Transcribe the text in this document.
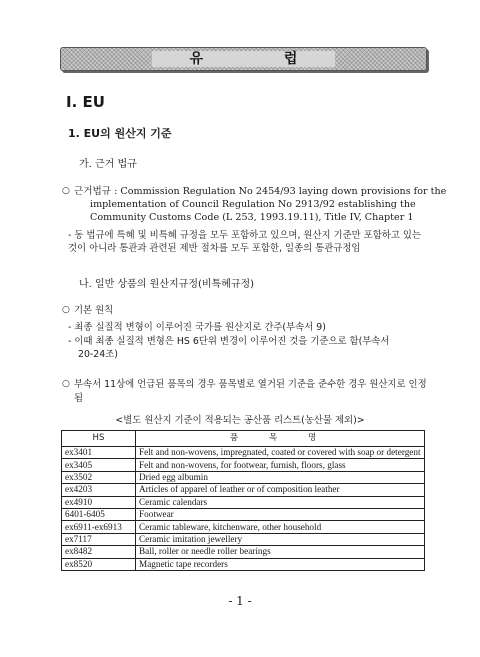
유 럽
Ⅰ. EU
1. EU의 원산지 기준
가. 근거 법규
○ 근거법규 : Commission Regulation No 2454/93 laying down provisions for the
implementation of Council Regulation No 2913/92 establishing the Community Customs Code (L 253, 1993.19.11), Title IV, Chapter 1
- 동 법규에 특혜 및 비특혜 규정을 모두 포함하고 있으며, 원산지 기준만 포함하고 있는 것이 아니라 통관과 관련된 제반 절차를 모두 포함한, 일종의 통관규정임
나. 일반 상품의 원산지규정(비특혜규정)
○ 기본 원칙
- 최종 실질적 변형이 이루어진 국가를 원산지로 간주(부속서 9)
- 이때 최종 실질적 변형은 HS 6단위 변경이 이루어진 것을 기준으로 함(부속서
20-24조)
○ 부속서 11상에 언급된 품목의 경우 품목별로 열거된 기준을 준수한 경우 원산지로 인정됨
<별도 원산지 기준이 적용되는 공산품 리스트(농산물 제외)>
HS	품 목 명
ex3401	Felt and non-wovens, impregnated, coated or covered with soap or detergent
ex3405	Felt and non-wovens, for footwear, furnish, floors, glass
ex3502	Dried egg albumin
ex4203	Articles of apparel of leather or of composition leather
ex4910	Ceramic calendars
6401-6405	Footwear
ex6911-ex6913	Ceramic tableware, kitchenware, other household
ex7117	Ceramic imitation jewellery
ex8482	Ball, roller or needle roller bearings
ex8520	Magnetic tape recorders
- 1 -
